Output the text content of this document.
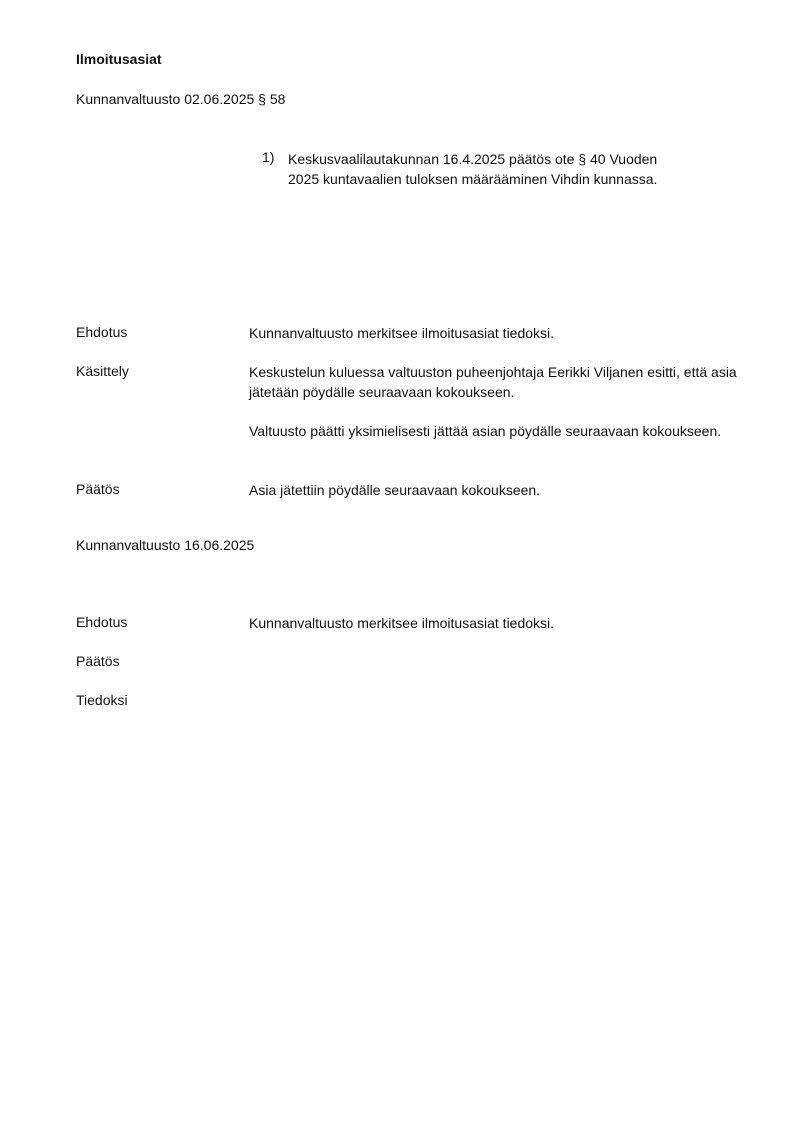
Ilmoitusasiat
Kunnanvaltuusto 02.06.2025 § 58
1) Keskusvaalilautakunnan 16.4.2025 päätös ote § 40 Vuoden 2025 kuntavaalien tuloksen määrääminen Vihdin kunnassa.
Ehdotus	Kunnanvaltuusto merkitsee ilmoitusasiat tiedoksi.
Käsittely	Keskustelun kuluessa valtuuston puheenjohtaja Eerikki Viljanen esitti, että asia jätetään pöydälle seuraavaan kokoukseen.
Valtuusto päätti yksimielisesti jättää asian pöydälle seuraavaan kokoukseen.
Päätös	Asia jätettiin pöydälle seuraavaan kokoukseen.
Kunnanvaltuusto 16.06.2025
Ehdotus	Kunnanvaltuusto merkitsee ilmoitusasiat tiedoksi.
Päätös
Tiedoksi
